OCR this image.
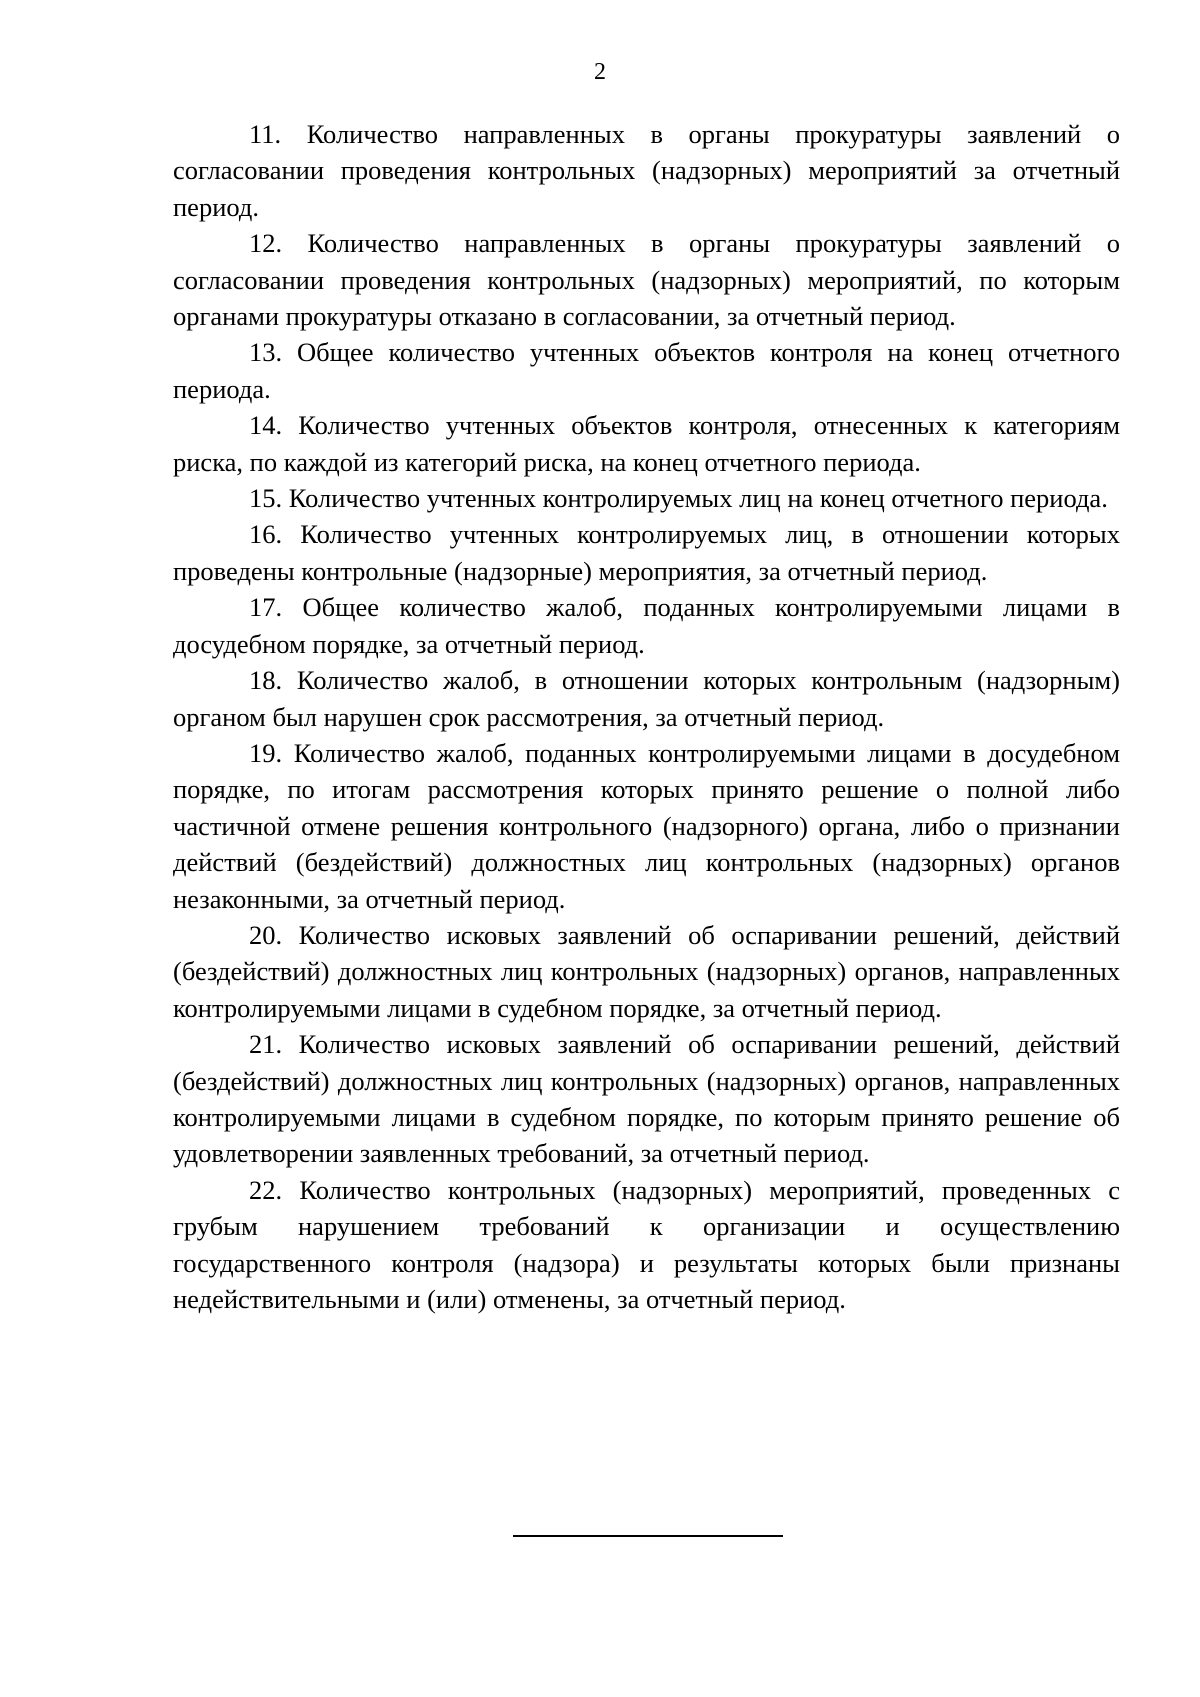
2

11. Количество направленных в органы прокуратуры заявлений о согласовании проведения контрольных (надзорных) мероприятий за отчетный период.

12. Количество направленных в органы прокуратуры заявлений о согласовании проведения контрольных (надзорных) мероприятий, по которым органами прокуратуры отказано в согласовании, за отчетный период.

13. Общее количество учтенных объектов контроля на конец отчетного периода.

14. Количество учтенных объектов контроля, отнесенных к категориям риска, по каждой из категорий риска, на конец отчетного периода.

15. Количество учтенных контролируемых лиц на конец отчетного периода.

16. Количество учтенных контролируемых лиц, в отношении которых проведены контрольные (надзорные) мероприятия, за отчетный период.

17. Общее количество жалоб, поданных контролируемыми лицами в досудебном порядке, за отчетный период.

18. Количество жалоб, в отношении которых контрольным (надзорным) органом был нарушен срок рассмотрения, за отчетный период.

19. Количество жалоб, поданных контролируемыми лицами в досудебном порядке, по итогам рассмотрения которых принято решение о полной либо частичной отмене решения контрольного (надзорного) органа, либо о признании действий (бездействий) должностных лиц контрольных (надзорных) органов незаконными, за отчетный период.

20. Количество исковых заявлений об оспаривании решений, действий (бездействий) должностных лиц контрольных (надзорных) органов, направленных контролируемыми лицами в судебном порядке, за отчетный период.

21. Количество исковых заявлений об оспаривании решений, действий (бездействий) должностных лиц контрольных (надзорных) органов, направленных контролируемыми лицами в судебном порядке, по которым принято решение об удовлетворении заявленных требований, за отчетный период.

22. Количество контрольных (надзорных) мероприятий, проведенных с грубым нарушением требований к организации и осуществлению государственного контроля (надзора) и результаты которых были признаны недействительными и (или) отменены, за отчетный период.
